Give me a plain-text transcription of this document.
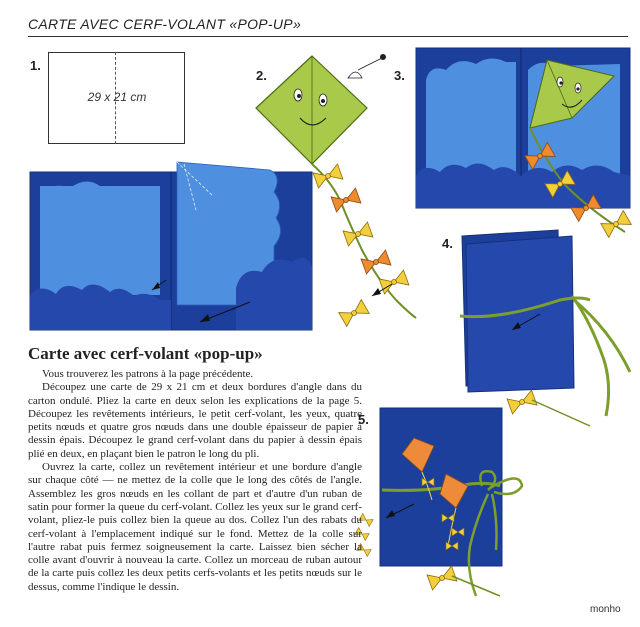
CARTE AVEC CERF-VOLANT «POP-UP»
1.
29 x 21 cm
2.	3.
4.
5.
Carte avec cerf-volant «pop-up»

Vous trouverez les patrons à la page précédente.

Découpez une carte de 29 x 21 cm et deux bordures d'angle dans du carton ondulé. Pliez la carte en deux selon les explications de la page 5. Découpez les revêtements intérieurs, le petit cerf-volant, les yeux, quatre petits nœuds et quatre gros nœuds dans une double épaisseur de papier à dessin épais. Découpez le grand cerf-volant dans du papier à dessin épais plié en deux, en plaçant bien le patron le long du pli.

Ouvrez la carte, collez un revêtement intérieur et une bordure d'angle sur chaque côté — ne mettez de la colle que le long des côtés de l'angle. Assemblez les gros nœuds en les collant de part et d'autre d'un ruban de satin pour former la queue du cerf-volant. Collez les yeux sur le grand cerf-volant, pliez-le puis collez bien la queue au dos. Collez l'un des rabats du cerf-volant à l'emplacement indiqué sur le fond. Mettez de la colle sur l'autre rabat puis fermez soigneusement la carte. Laissez bien sécher la colle avant d'ouvrir à nouveau la carte. Collez un morceau de ruban autour de la carte puis collez les deux petits cerfs-volants et les petits nœuds sur le dessus, comme l'indique le dessin.

monho
